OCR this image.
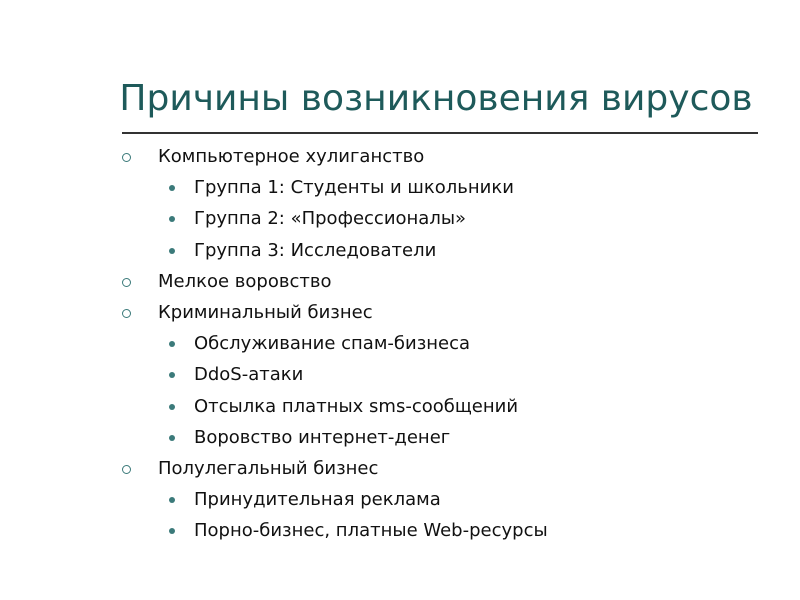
Причины возникновения вирусов
Компьютерное хулиганство
Группа 1: Студенты и школьники
Группа 2: «Профессионалы»
Группа 3: Исследователи
Мелкое воровство
Криминальный бизнес
Обслуживание спам-бизнеса
DdoS-атаки
Отсылка платных sms-сообщений
Воровство интернет-денег
Полулегальный бизнес
Принудительная реклама
Порно-бизнес, платные Web-ресурсы
